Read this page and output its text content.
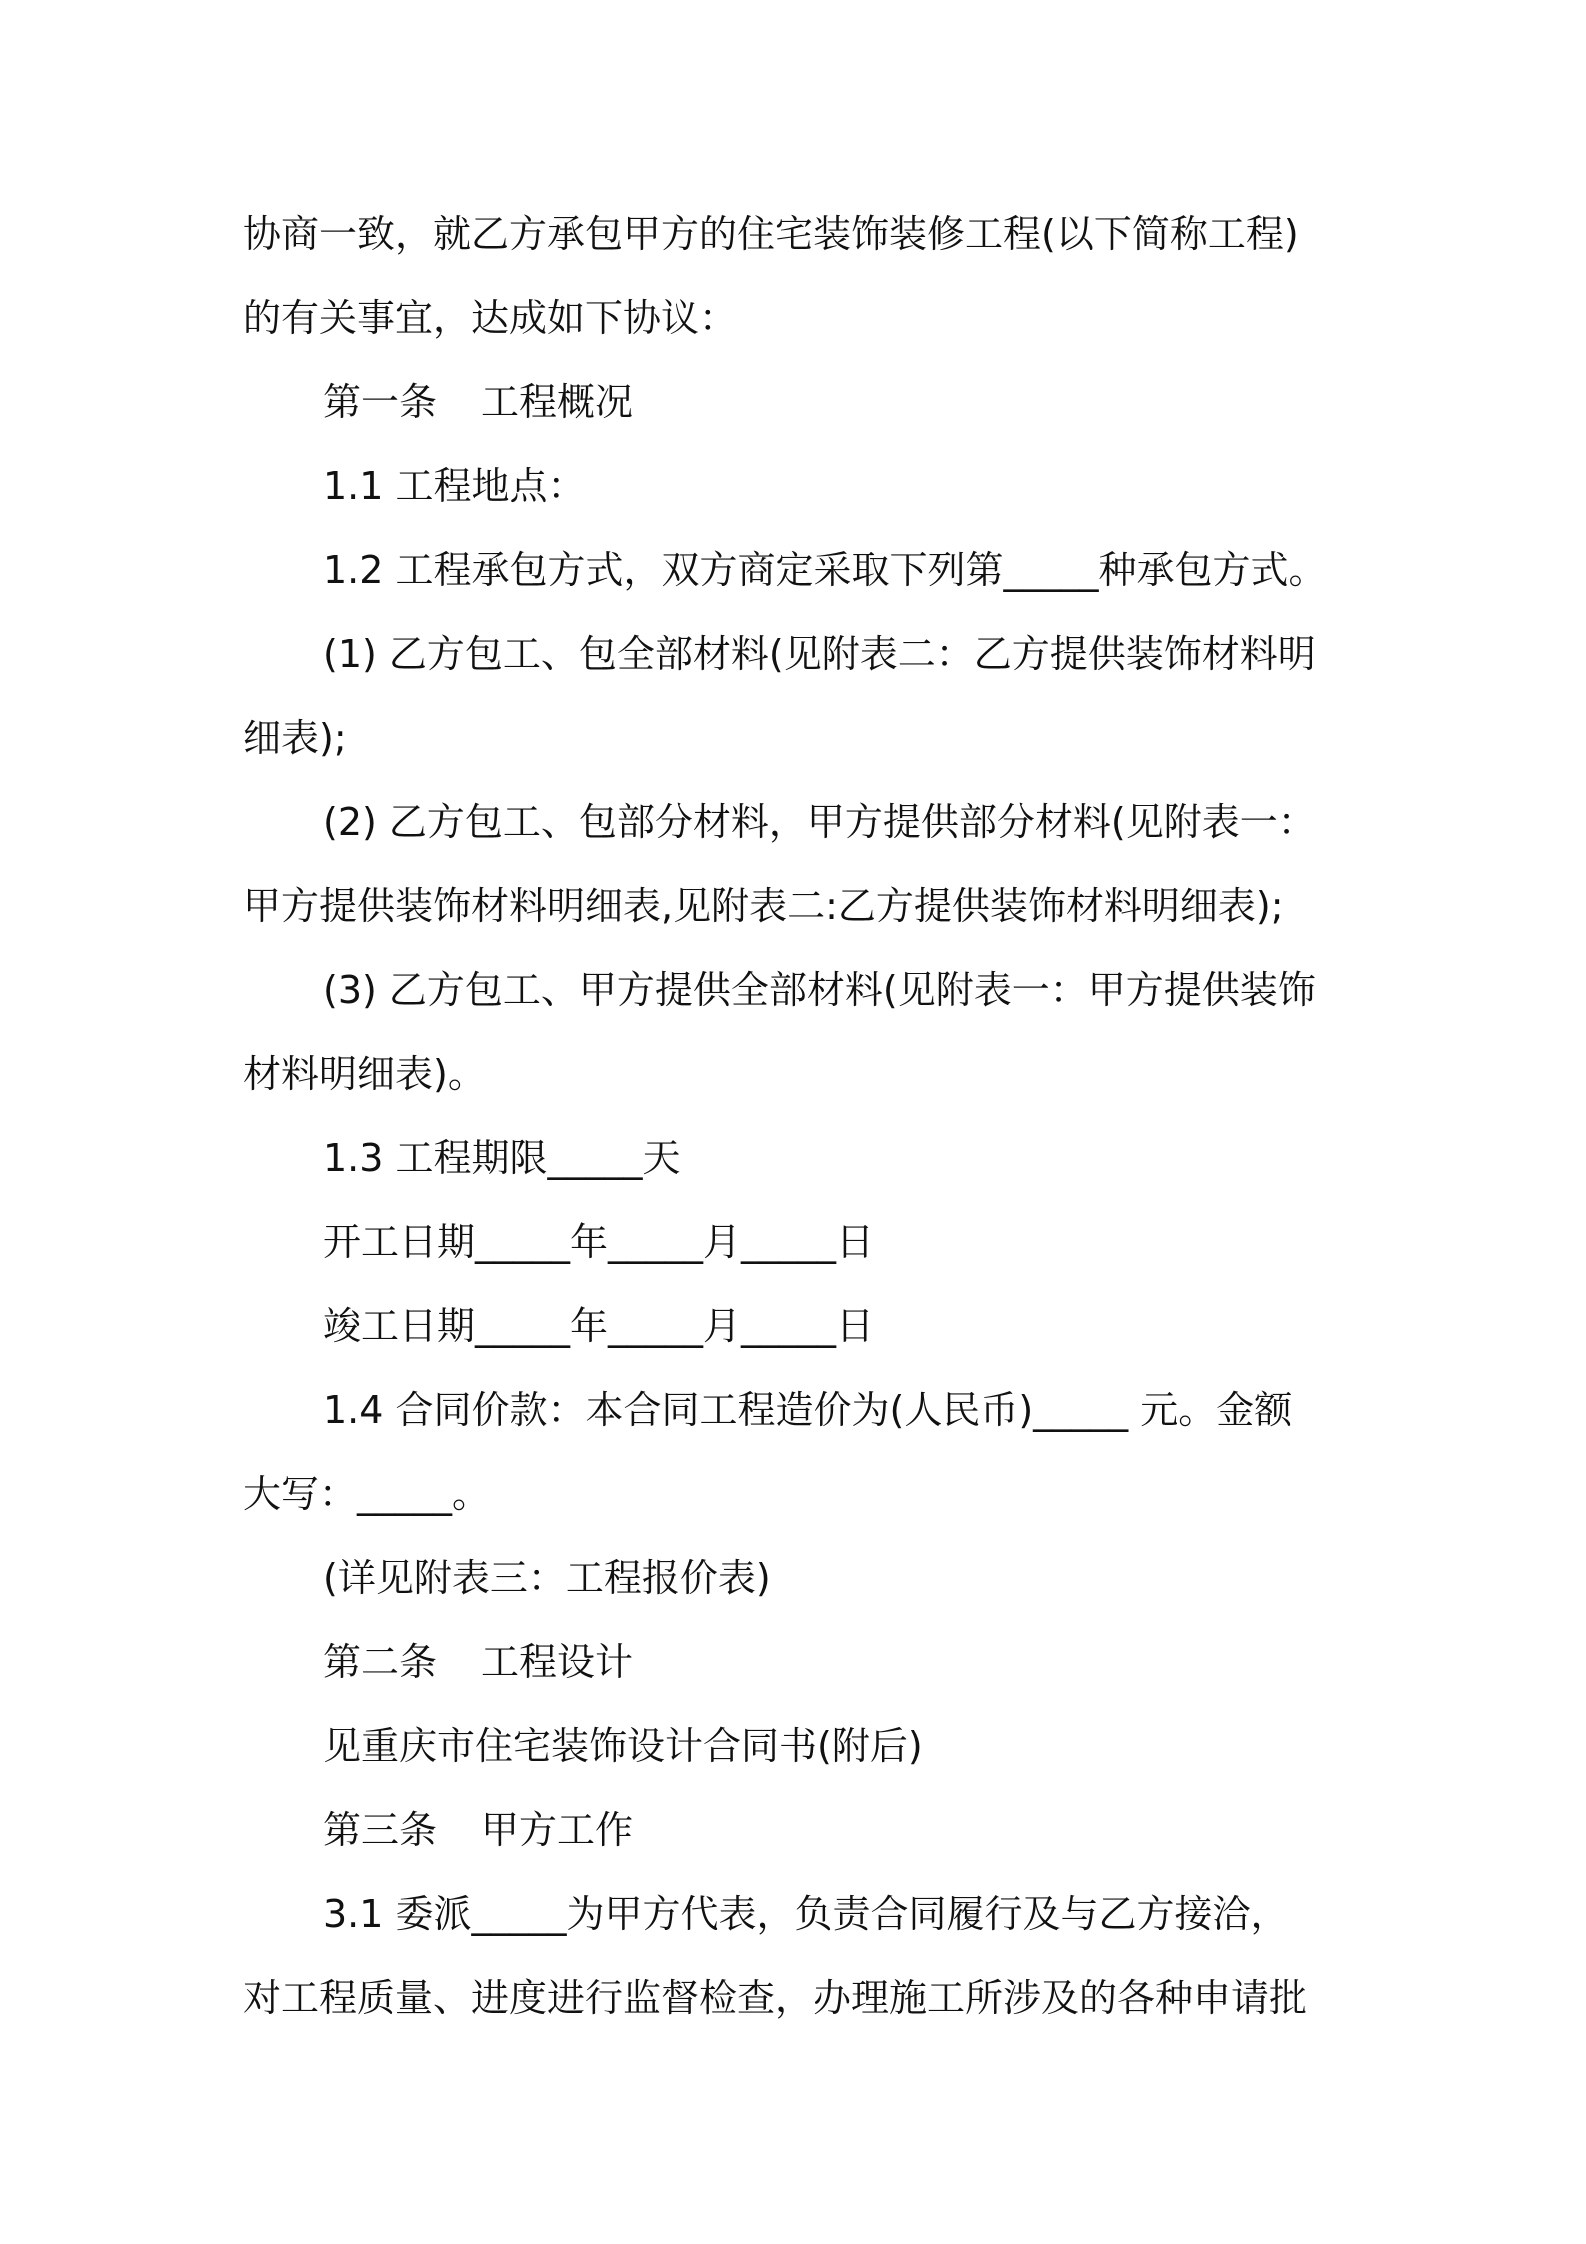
协商一致，就乙方承包甲方的住宅装饰装修工程(以下简称工程)
的有关事宜，达成如下协议：
第一条 工程概况
1.1 工程地点：
1.2 工程承包方式，双方商定采取下列第_____种承包方式。
(1) 乙方包工、包全部材料(见附表二：乙方提供装饰材料明
细表);
(2) 乙方包工、包部分材料，甲方提供部分材料(见附表一：
甲方提供装饰材料明细表,见附表二:乙方提供装饰材料明细表);
(3) 乙方包工、甲方提供全部材料(见附表一：甲方提供装饰
材料明细表)。
1.3 工程期限_____天
开工日期_____年_____月_____日
竣工日期_____年_____月_____日
1.4 合同价款：本合同工程造价为(人民币)_____ 元。金额
大写：_____。
(详见附表三：工程报价表)
第二条 工程设计
见重庆市住宅装饰设计合同书(附后)
第三条 甲方工作
3.1 委派_____为甲方代表，负责合同履行及与乙方接洽，
对工程质量、进度进行监督检查，办理施工所涉及的各种申请批
